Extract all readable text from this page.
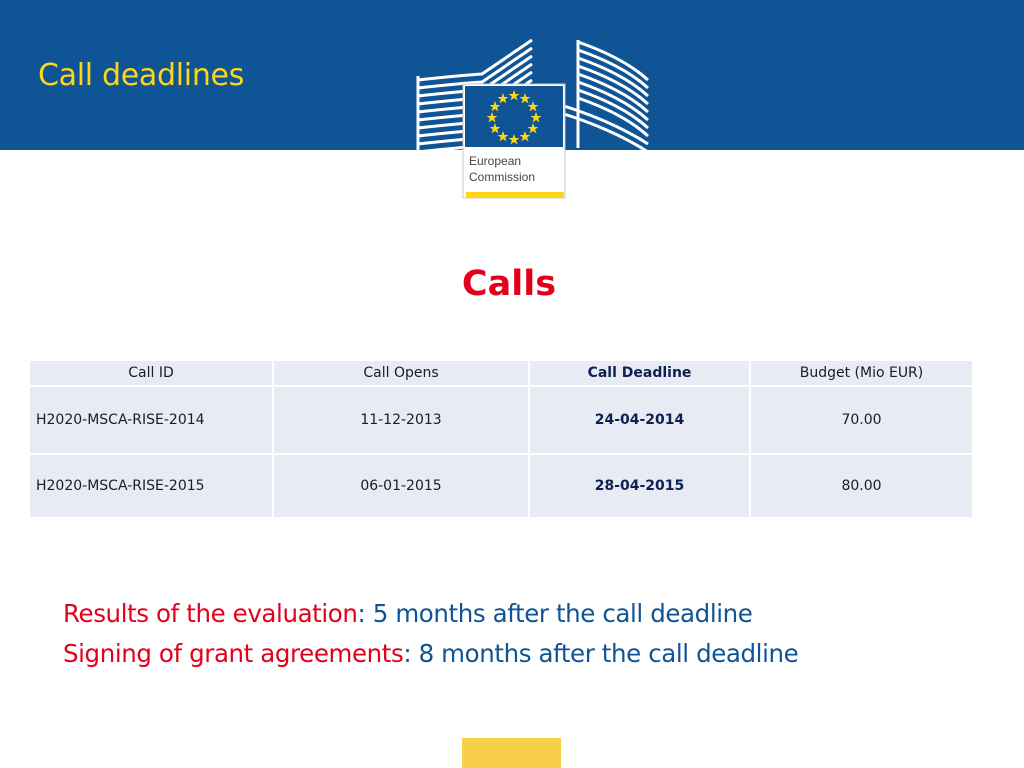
Call deadlines
European
Commission
Calls
Call ID	Call Opens	Call Deadline	Budget (Mio EUR)
H2020-MSCA-RISE-2014	11-12-2013	24-04-2014	70.00
H2020-MSCA-RISE-2015	06-01-2015	28-04-2015	80.00
Results of the evaluation: 5 months after the call deadline
Signing of grant agreements: 8 months after the call deadline
